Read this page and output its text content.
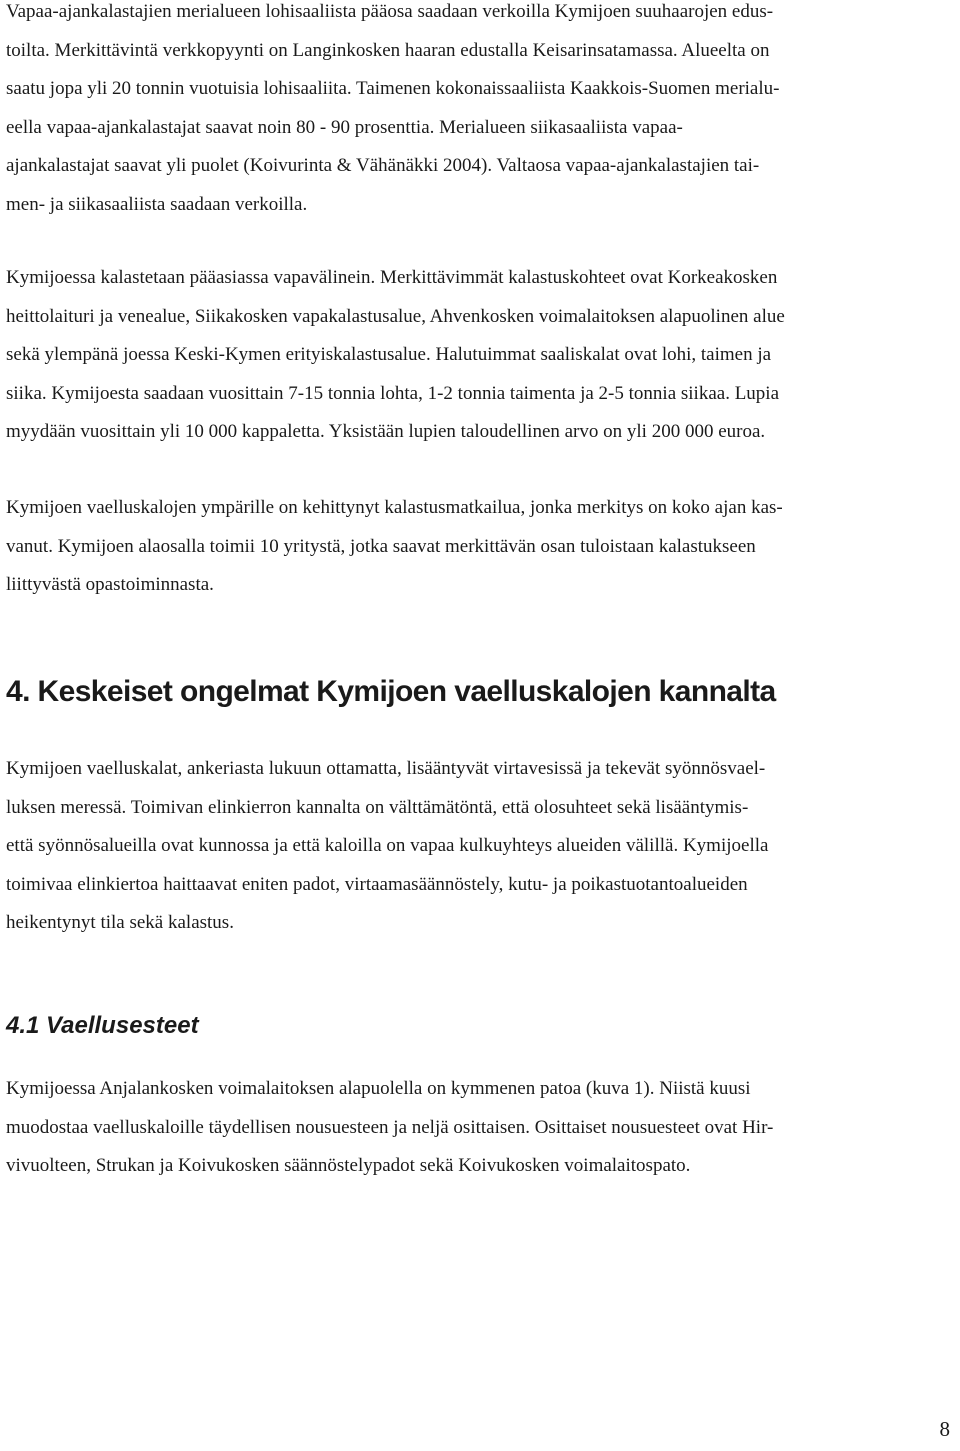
Vapaa-ajankalastajien merialueen lohisaaliista pääosa saadaan verkoilla Kymijoen suuhaarojen edus-
toilta. Merkittävintä verkkopyynti on Langinkosken haaran edustalla Keisarinsatamassa. Alueelta on
saatu jopa yli 20 tonnin vuotuisia lohisaaliita. Taimenen kokonaissaaliista Kaakkois-Suomen merialu-
eella vapaa-ajankalastajat saavat noin 80 - 90 prosenttia. Merialueen siikasaaliista vapaa-
ajankalastajat saavat yli puolet (Koivurinta & Vähänäkki 2004). Valtaosa vapaa-ajankalastajien tai-
men- ja siikasaaliista saadaan verkoilla.

Kymijoessa kalastetaan pääasiassa vapavälinein. Merkittävimmät kalastuskohteet ovat Korkeakosken
heittolaituri ja venealue, Siikakosken vapakalastusalue, Ahvenkosken voimalaitoksen alapuolinen alue
sekä ylempänä joessa Keski-Kymen erityiskalastusalue. Halutuimmat saaliskalat ovat lohi, taimen ja
siika. Kymijoesta saadaan vuosittain 7-15 tonnia lohta, 1-2 tonnia taimenta ja 2-5 tonnia siikaa. Lupia
myydään vuosittain yli 10 000 kappaletta. Yksistään lupien taloudellinen arvo on yli 200 000 euroa.

Kymijoen vaelluskalojen ympärille on kehittynyt kalastusmatkailua, jonka merkitys on koko ajan kas-
vanut. Kymijoen alaosalla toimii 10 yritystä, jotka saavat merkittävän osan tuloistaan kalastukseen
liittyvästä opastoiminnasta.

4. Keskeiset ongelmat Kymijoen vaelluskalojen kannalta

Kymijoen vaelluskalat, ankeriasta lukuun ottamatta, lisääntyvät virtavesissä ja tekevät syönnösvael-
luksen meressä. Toimivan elinkierron kannalta on välttämätöntä, että olosuhteet sekä lisääntymis-
että syönnösalueilla ovat kunnossa ja että kaloilla on vapaa kulkuyhteys alueiden välillä. Kymijoella
toimivaa elinkiertoa haittaavat eniten padot, virtaamasäännöstely, kutu- ja poikastuotantoalueiden
heikentynyt tila sekä kalastus.

4.1 Vaellusesteet

Kymijoessa Anjalankosken voimalaitoksen alapuolella on kymmenen patoa (kuva 1). Niistä kuusi
muodostaa vaelluskaloille täydellisen nousuesteen ja neljä osittaisen. Osittaiset nousuesteet ovat Hir-
vivuolteen, Strukan ja Koivukosken säännöstelypadot sekä Koivukosken voimalaitospato.

8
